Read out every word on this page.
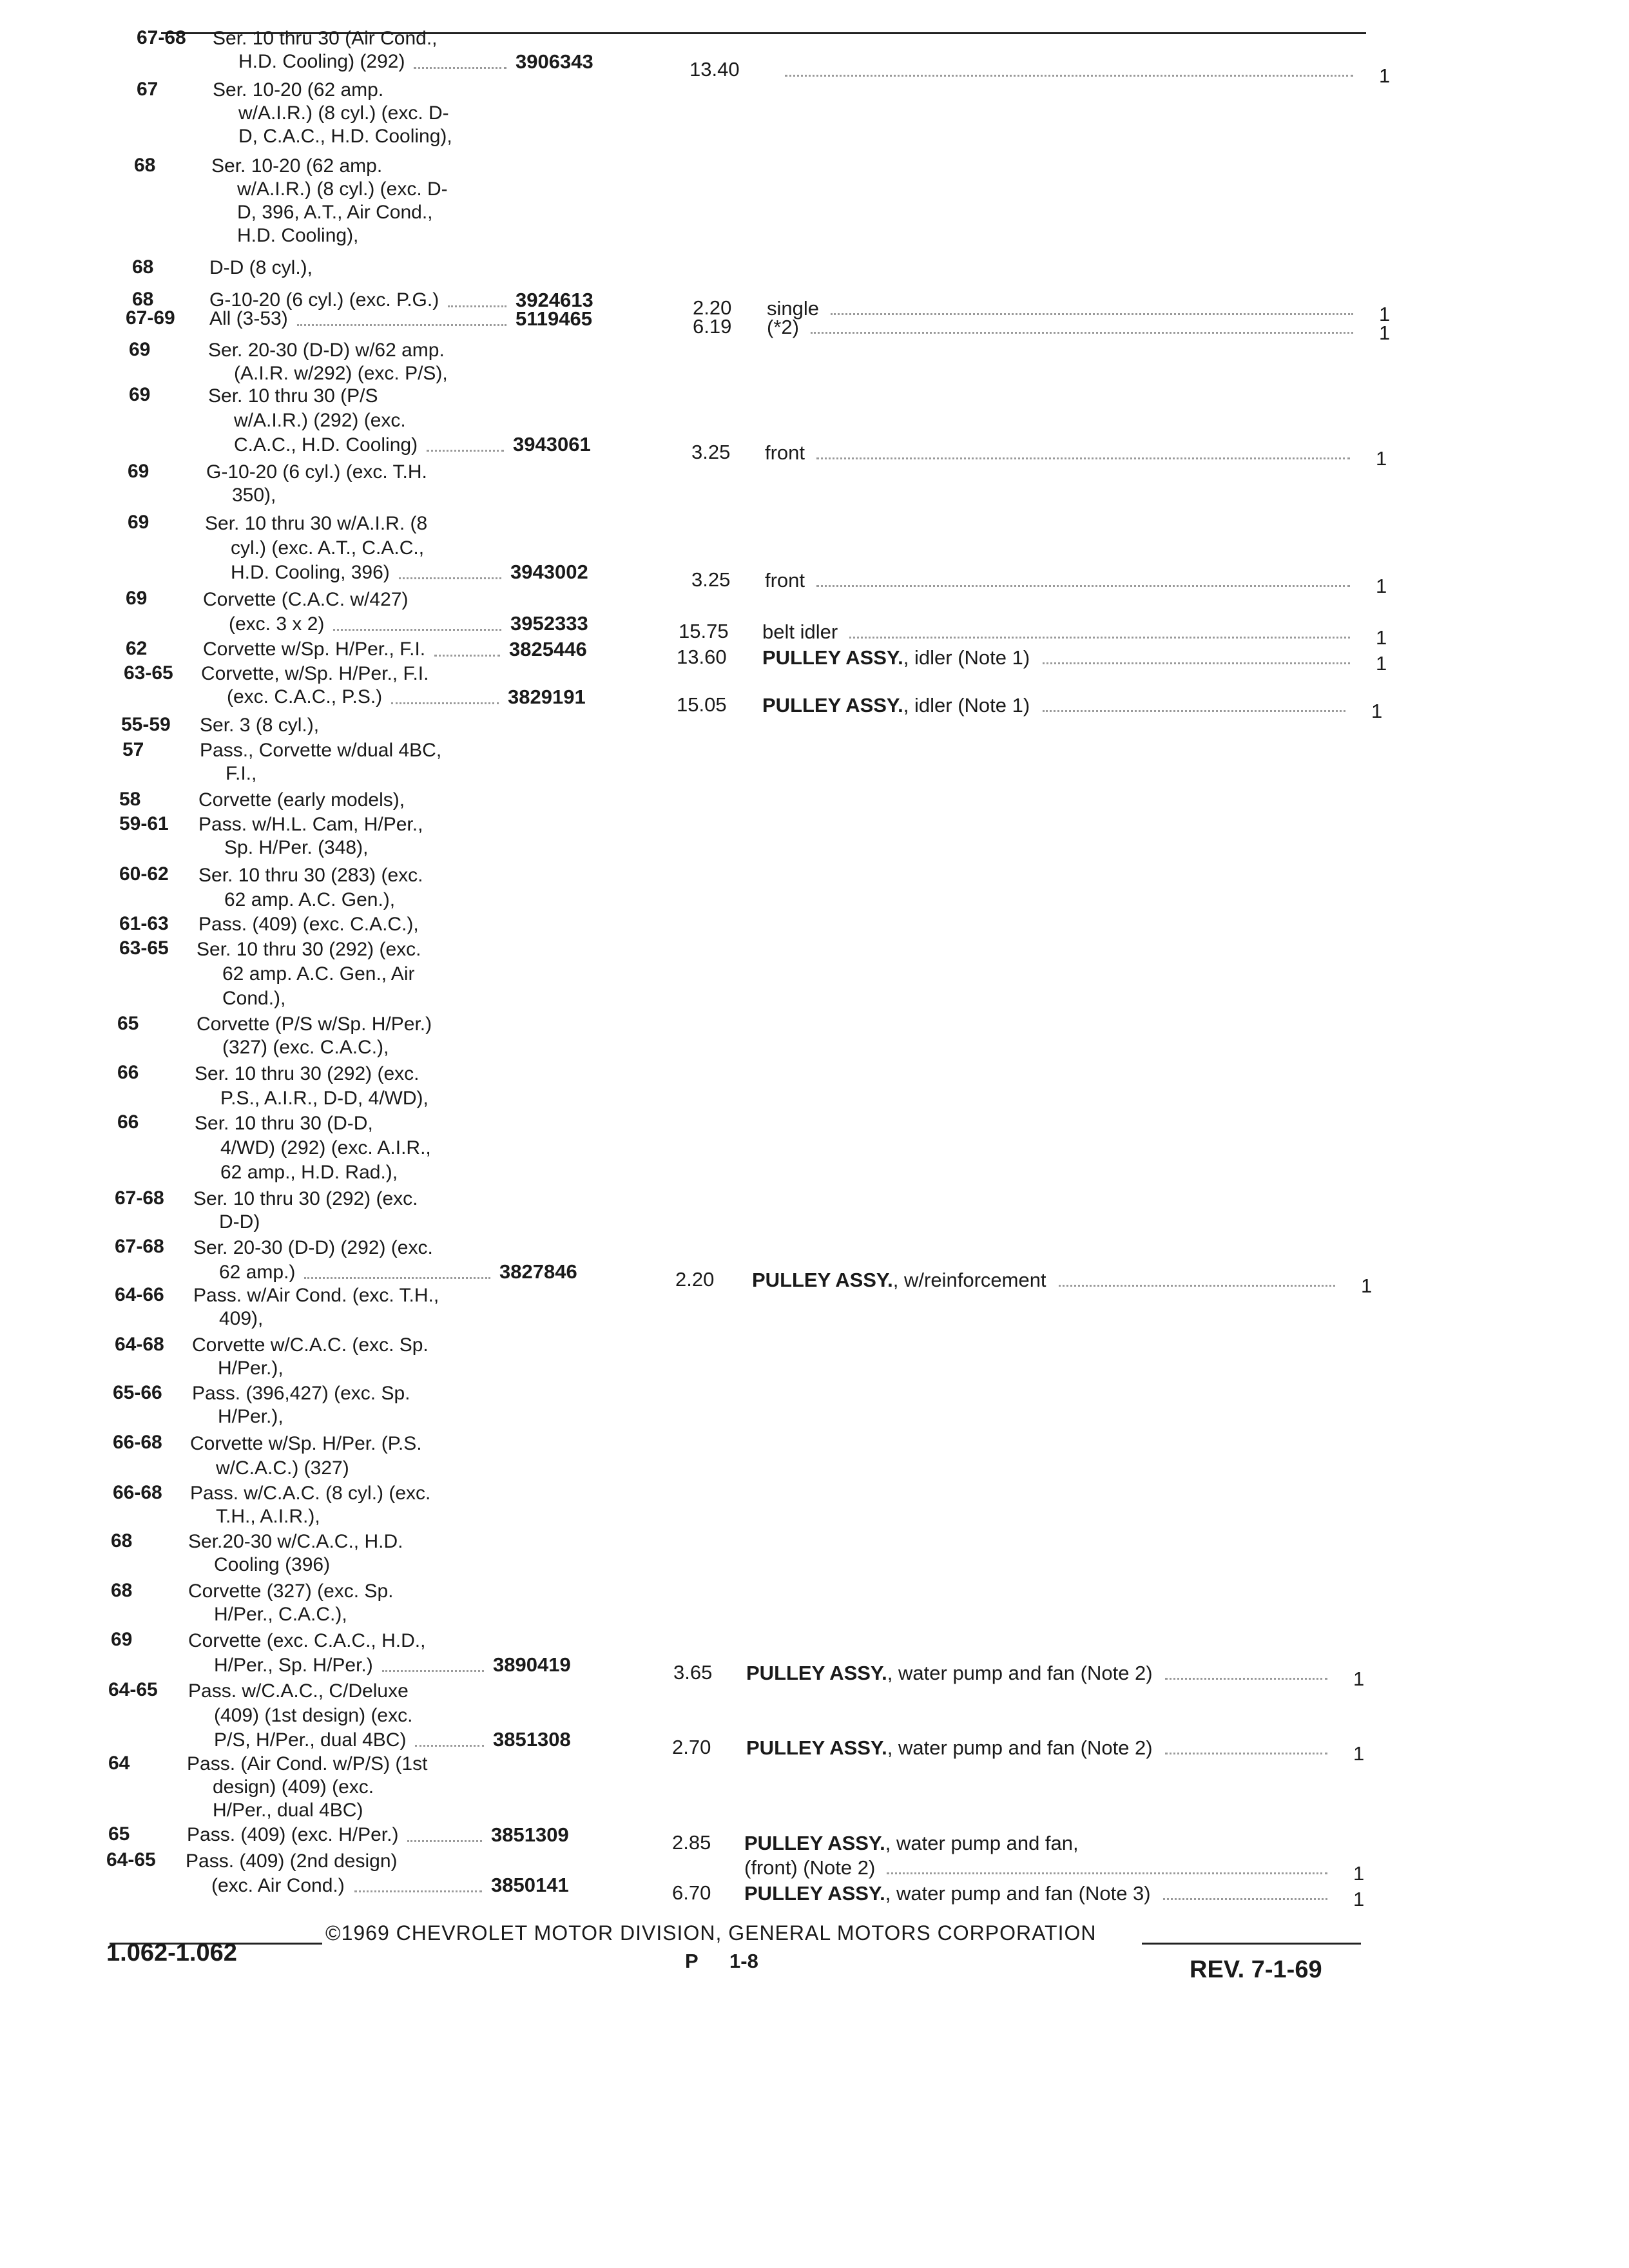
67-68 Ser. 10 thru 30 (Air Cond.,
H.D. Cooling) (292)	3906343	13.40	1
67	Ser. 10-20 (62 amp.
w/A.I.R.) (8 cyl.) (exc. D-
D, C.A.C., H.D. Cooling),
68	Ser. 10-20 (62 amp.
w/A.I.R.) (8 cyl.) (exc. D-
D, 396, A.T., Air Cond.,
H.D. Cooling),
68	D-D (8 cyl.),
68	G-10-20 (6 cyl.) (exc. P.G.)	3924613	2.20 single	1
67-69 All (3-53)	5119465	6.19 (*2)	1
69	Ser. 20-30 (D-D) w/62 amp.
(A.I.R. w/292) (exc. P/S),
69	Ser. 10 thru 30 (P/S
w/A.I.R.) (292) (exc.
C.A.C., H.D. Cooling)	3943061	3.25 front	1
69	G-10-20 (6 cyl.) (exc. T.H.
350),
69	Ser. 10 thru 30 w/A.I.R. (8
cyl.) (exc. A.T., C.A.C.,
H.D. Cooling, 396)	3943002	3.25 front	1
69	Corvette (C.A.C. w/427)
(exc. 3 x 2)	3952333	15.75 belt idler	1
62	Corvette w/Sp. H/Per., F.I.	3825446	13.60 PULLEY ASSY., idler (Note 1)	1
63-65 Corvette, w/Sp. H/Per., F.I.
(exc. C.A.C., P.S.)	3829191	15.05 PULLEY ASSY., idler (Note 1)	1
55-59 Ser. 3 (8 cyl.),
57	Pass., Corvette w/dual 4BC,
F.I.,
58	Corvette (early models),
59-61 Pass. w/H.L. Cam, H/Per.,
Sp. H/Per. (348),
60-62 Ser. 10 thru 30 (283) (exc.
62 amp. A.C. Gen.),
61-63 Pass. (409) (exc. C.A.C.),
63-65 Ser. 10 thru 30 (292) (exc.
62 amp. A.C. Gen., Air
Cond.),
65	Corvette (P/S w/Sp. H/Per.)
(327) (exc. C.A.C.),
66	Ser. 10 thru 30 (292) (exc.
P.S., A.I.R., D-D, 4/WD),
66	Ser. 10 thru 30 (D-D,
4/WD) (292) (exc. A.I.R.,
62 amp., H.D. Rad.),
67-68 Ser. 10 thru 30 (292) (exc.
D-D)
67-68 Ser. 20-30 (D-D) (292) (exc.
62 amp.)	3827846	2.20 PULLEY ASSY., w/reinforcement	1
64-66 Pass. w/Air Cond. (exc. T.H.,
409),
64-68 Corvette w/C.A.C. (exc. Sp.
H/Per.),
65-66 Pass. (396,427) (exc. Sp.
H/Per.),
66-68 Corvette w/Sp. H/Per. (P.S.
w/C.A.C.) (327)
66-68 Pass. w/C.A.C. (8 cyl.) (exc.
T.H., A.I.R.),
68	Ser.20-30 w/C.A.C., H.D.
Cooling (396)
68	Corvette (327) (exc. Sp.
H/Per., C.A.C.),
69	Corvette (exc. C.A.C., H.D.,
H/Per., Sp. H/Per.)	3890419	3.65 PULLEY ASSY., water pump and fan (Note 2)	1
64-65 Pass. w/C.A.C., C/Deluxe
(409) (1st design) (exc.
P/S, H/Per., dual 4BC)	3851308	2.70 PULLEY ASSY., water pump and fan (Note 2)	1
64	Pass. (Air Cond. w/P/S) (1st
design) (409) (exc.
H/Per., dual 4BC)
65	Pass. (409) (exc. H/Per.)	3851309	2.85 PULLEY ASSY., water pump and fan,
(front) (Note 2)	1
64-65 Pass. (409) (2nd design)
(exc. Air Cond.)	3850141	6.70 PULLEY ASSY., water pump and fan (Note 3)	1
©1969 CHEVROLET MOTOR DIVISION, GENERAL MOTORS CORPORATION
1.062-1.062	P 1-8	REV. 7-1-69
